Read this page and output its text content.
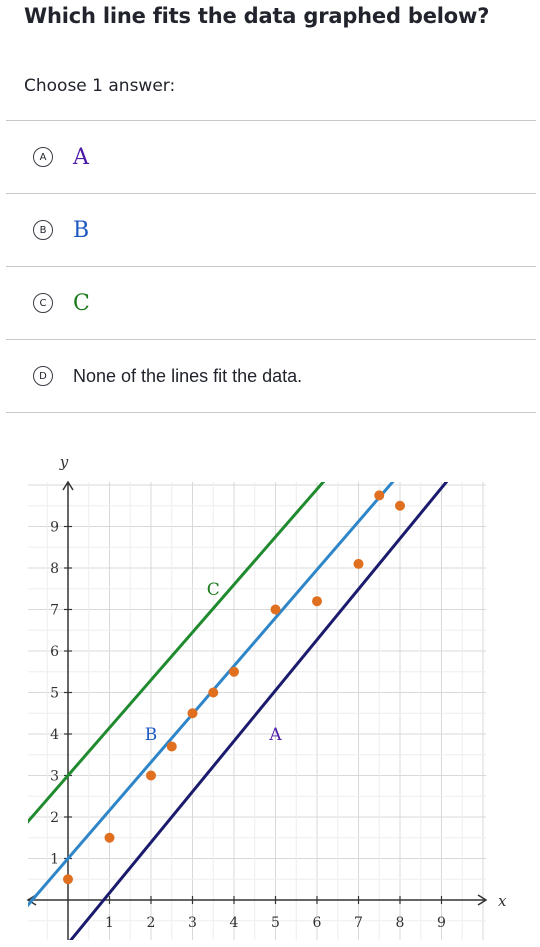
Which line fits the data graphed below?

Choose 1 answer:

A A
B B
C C
D	None of the lines fit the data.
x
y
1 2 3 4 5 6 7 8 9
1
2
3
4
5
6
7
8
9
A
B
C
